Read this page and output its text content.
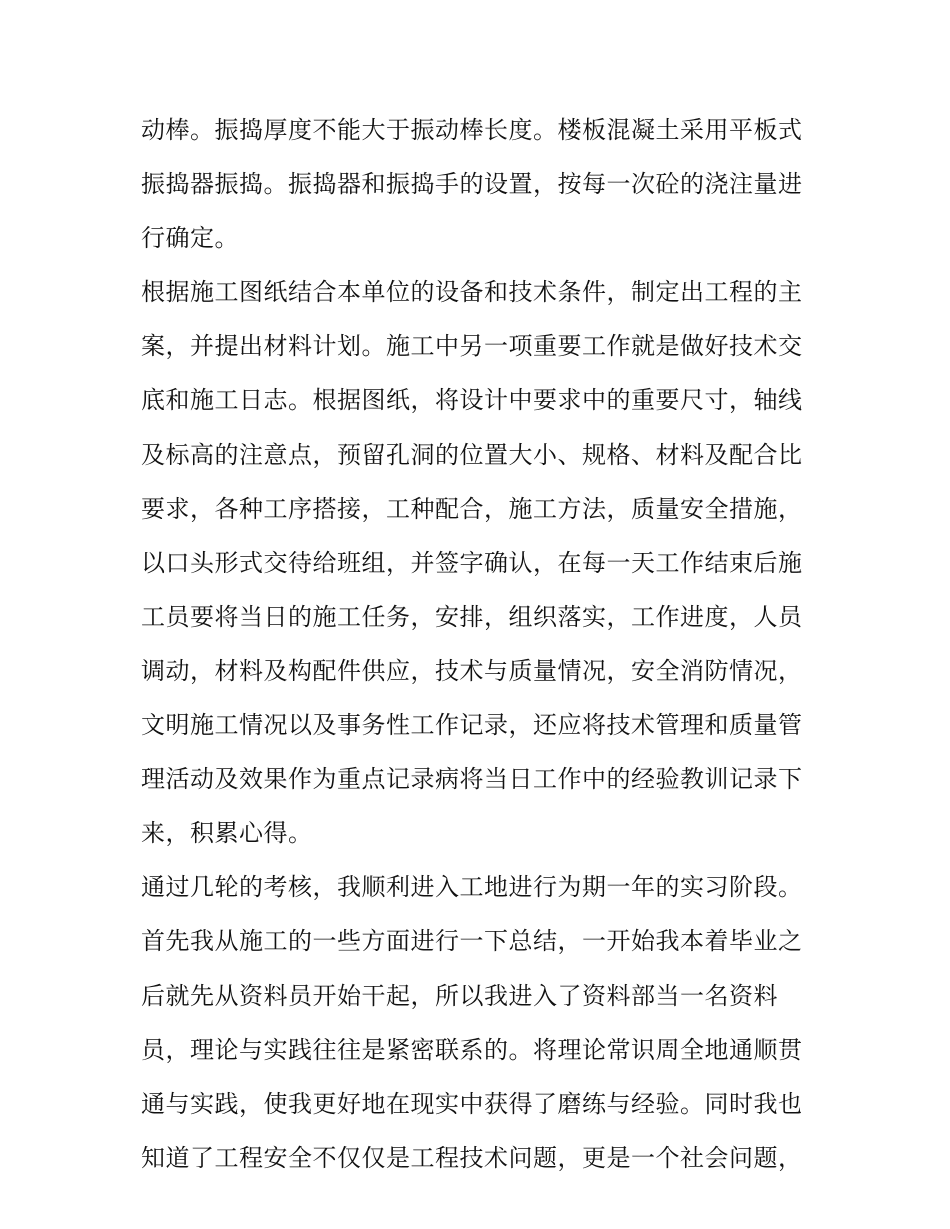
动棒。振捣厚度不能大于振动棒长度。楼板混凝土采用平板式
振捣器振捣。振捣器和振捣手的设置，按每一次砼的浇注量进
行确定。
根据施工图纸结合本单位的设备和技术条件，制定出工程的主
案，并提出材料计划。施工中另一项重要工作就是做好技术交
底和施工日志。根据图纸，将设计中要求中的重要尺寸，轴线
及标高的注意点，预留孔洞的位置大小、规格、材料及配合比
要求，各种工序搭接，工种配合，施工方法，质量安全措施，
以口头形式交待给班组，并签字确认，在每一天工作结束后施
工员要将当日的施工任务，安排，组织落实，工作进度，人员
调动，材料及构配件供应，技术与质量情况，安全消防情况，
文明施工情况以及事务性工作记录，还应将技术管理和质量管
理活动及效果作为重点记录病将当日工作中的经验教训记录下
来，积累心得。
通过几轮的考核，我顺利进入工地进行为期一年的实习阶段。
首先我从施工的一些方面进行一下总结，一开始我本着毕业之
后就先从资料员开始干起，所以我进入了资料部当一名资料
员，理论与实践往往是紧密联系的。将理论常识周全地通顺贯
通与实践，使我更好地在现实中获得了磨练与经验。同时我也
知道了工程安全不仅仅是工程技术问题，更是一个社会问题，
